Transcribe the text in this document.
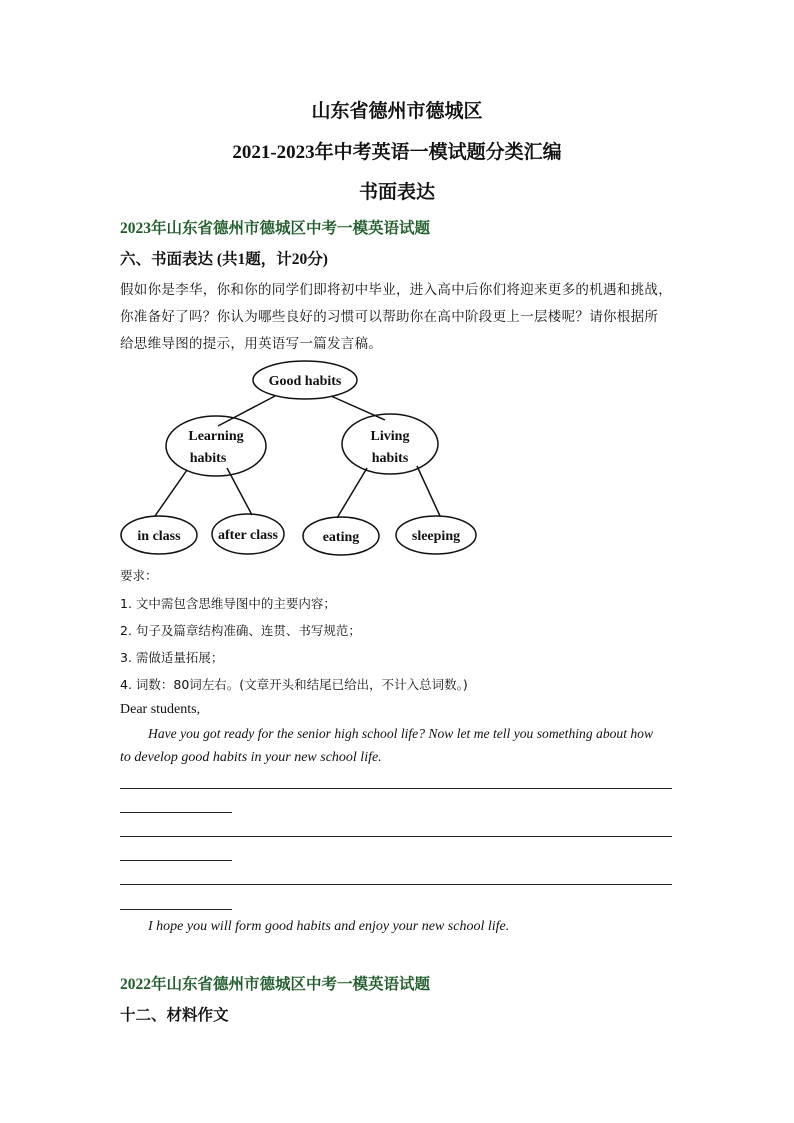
山东省德州市德城区
2021-2023年中考英语一模试题分类汇编
书面表达
2023年山东省德州市德城区中考一模英语试题
六、书面表达 (共1题，计20分)
假如你是李华，你和你的同学们即将初中毕业，进入高中后你们将迎来更多的机遇和挑战，
你准备好了吗？你认为哪些良好的习惯可以帮助你在高中阶段更上一层楼呢？请你根据所
给思维导图的提示，用英语写一篇发言稿。
Good habits
Learning
habits
Living
habits
in class	after class	eating	sleeping
要求：
1. 文中需包含思维导图中的主要内容；
2. 句子及篇章结构准确、连贯、书写规范；
3. 需做适量拓展；
4. 词数：80词左右。(文章开头和结尾已给出，不计入总词数。)
Dear students,
Have you got ready for the senior high school life? Now let me tell you something about how
to develop good habits in your new school life.
I hope you will form good habits and enjoy your new school life.
2022年山东省德州市德城区中考一模英语试题
十二、材料作文
